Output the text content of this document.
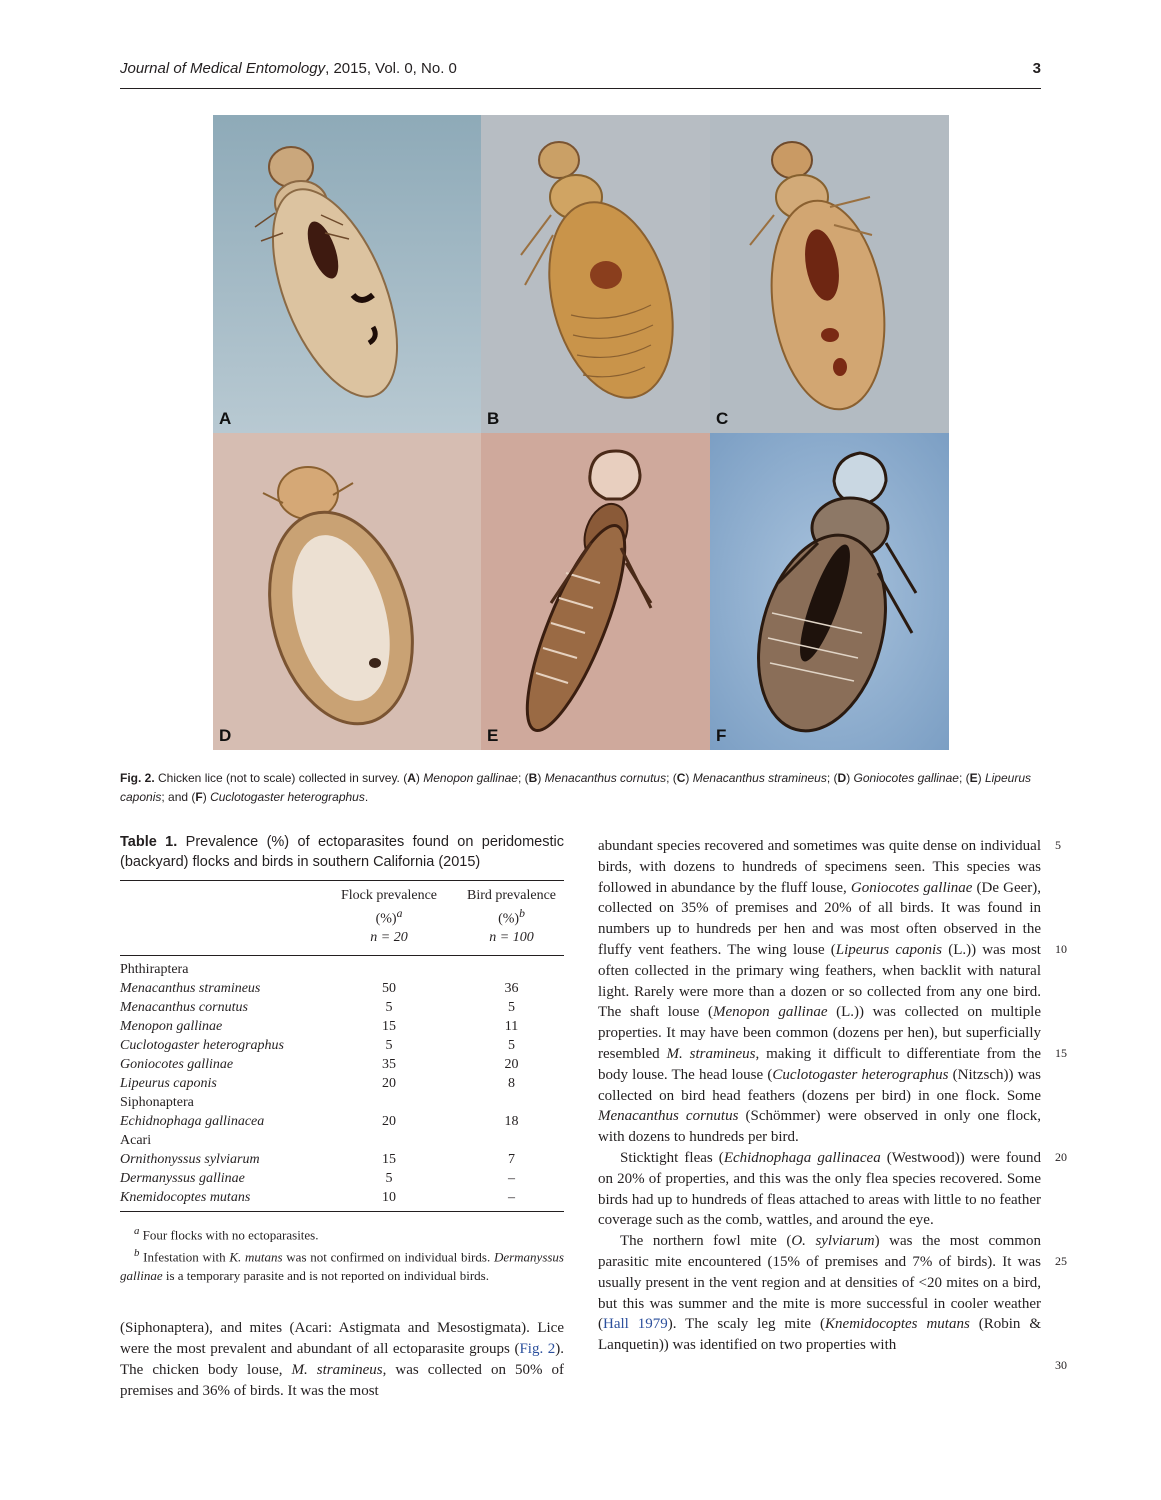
Journal of Medical Entomology, 2015, Vol. 0, No. 0	3
A	B	C
D	E	F
Fig. 2. Chicken lice (not to scale) collected in survey. (A) Menopon gallinae; (B) Menacanthus cornutus; (C) Menacanthus stramineus; (D) Goniocotes gallinae; (E) Lipeurus caponis; and (F) Cuclotogaster heterographus.
Table 1. Prevalence (%) of ectoparasites found on peridomestic (backyard) flocks and birds in southern California (2015)

	Flock prevalence	Bird prevalence
	(%)$^a$	(%)$^b$
	n = 20	n = 100

Phthiraptera		
Menacanthus stramineus	50	36
Menacanthus cornutus	5	5
Menopon gallinae	15	11
Cuclotogaster heterographus	5	5
Goniocotes gallinae	35	20
Lipeurus caponis	20	8
Siphonaptera		
Echidnophaga gallinacea	20	18
Acari		
Ornithonyssus sylviarum	15	7
Dermanyssus gallinae	5	–
Knemidocoptes mutans	10	–
$^a$ Four flocks with no ectoparasites.
$^b$ Infestation with K. mutans was not confirmed on individual birds. Dermanyssus gallinae is a temporary parasite and is not reported on individual birds.
(Siphonaptera), and mites (Acari: Astigmata and Mesostigmata). Lice were the most prevalent and abundant of all ectoparasite groups (Fig. 2). The chicken body louse, M. stramineus, was collected on 50% of premises and 36% of birds. It was the most

abundant species recovered and sometimes was quite dense on individual birds, with dozens to hundreds of specimens seen. This species was followed in abundance by the fluff louse, Goniocotes gallinae (De Geer), collected on 35% of premises and 20% of all birds. It was found in numbers up to hundreds per hen and was most often observed in the fluffy vent feathers. The wing louse (Lipeurus caponis (L.)) was most often collected in the primary wing feathers, when backlit with natural light. Rarely were more than a dozen or so collected from any one bird. The shaft louse (Menopon gallinae (L.)) was collected on multiple properties. It may have been common (dozens per hen), but superficially resembled M. stramineus, making it difficult to differentiate from the body louse. The head louse (Cuclotogaster heterographus (Nitzsch)) was collected on bird head feathers (dozens per bird) in one flock. Some Menacanthus cornutus (Schömmer) were observed in only one flock, with dozens to hundreds per bird.

Sticktight fleas (Echidnophaga gallinacea (Westwood)) were found on 20% of properties, and this was the only flea species recovered. Some birds had up to hundreds of fleas attached to areas with little to no feather coverage such as the comb, wattles, and around the eye.

The northern fowl mite (O. sylviarum) was the most common parasitic mite encountered (15% of premises and 7% of birds). It was usually present in the vent region and at densities of <20 mites on a bird, but this was summer and the mite is more successful in cooler weather (Hall 1979). The scaly leg mite (Knemidocoptes mutans (Robin & Lanquetin)) was identified on two properties with

5
10
15
20
25
30
